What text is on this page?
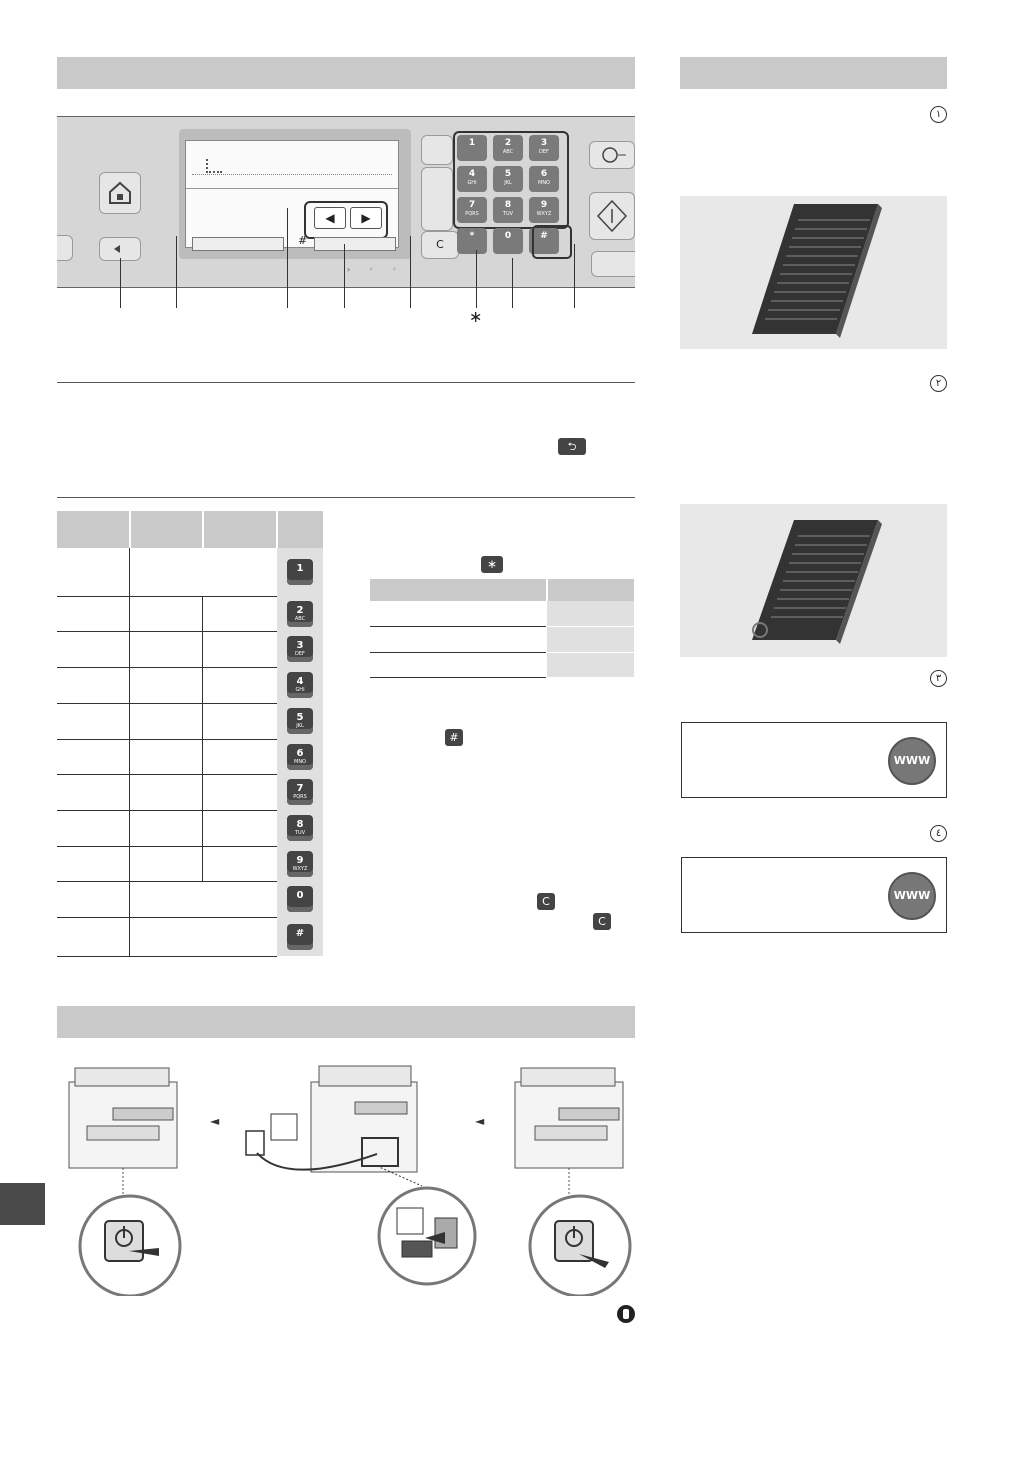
◀	▶
#
› ◦ ◦
C
1	2
ABC
3
DEF
4
GHI
5
JKL
6
MNO
7
PQRS
8
TUV
9
WXYZ
*	0	#
∗
⮌
1
2
ABC
3
DEF
4
GHI
5
JKL
6
MNO
7
PQRS
8
TUV
9
WXYZ
0
#
∗
#
C
C
◄	◄
١
٢
٣
WWW
٤
WWW
